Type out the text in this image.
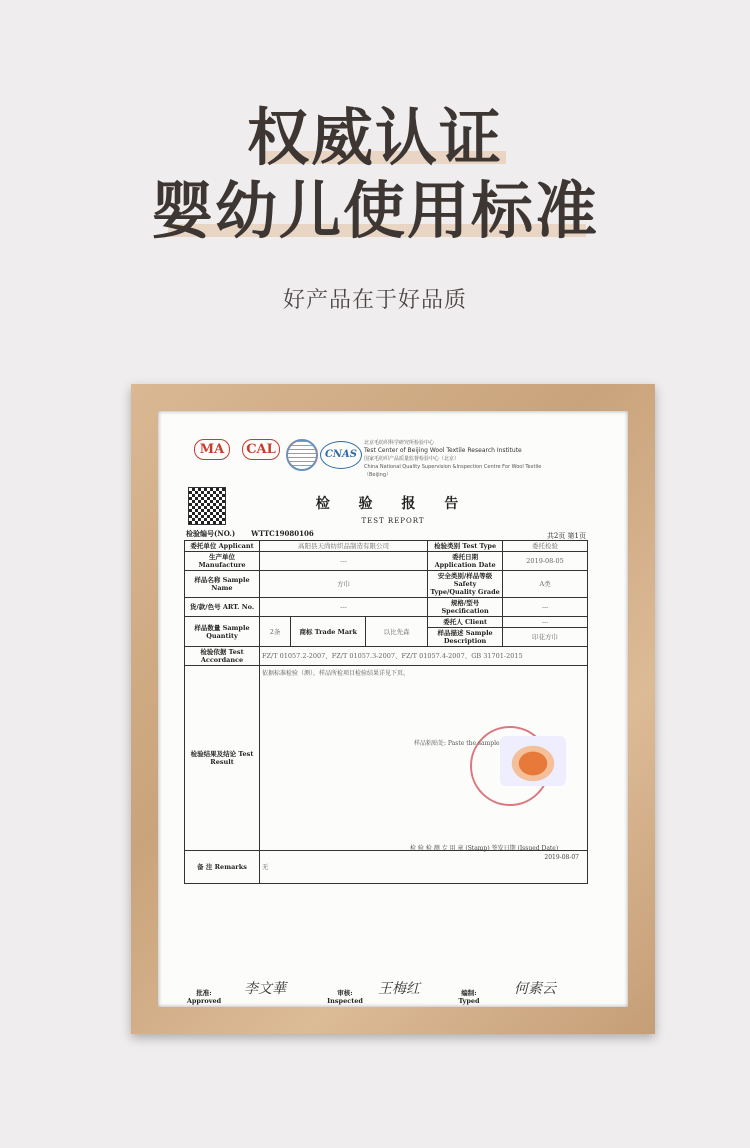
权威认证
婴幼儿使用标准
好产品在于好品质
MA	CAL	CNAS
北京毛纺织科学研究所检验中心
Test Center of Beijing Wool Textile Research Institute
国家毛纺织产品质量监督检验中心（北京）
China National Quality Supervision &Inspection Centre For Wool Textile
（Beijing）
检 验 报 告
TEST REPORT
检验编号(NO.) WTTC19080106	共2页 第1页
委托单位 Applicant	高阳县天尚纺织品制造有限公司			检验类别 Test Type	委托检验
生产单位 Manufacture	---			委托日期 Application Date	2019-08-05
样品名称 Sample Name	方巾			安全类别/样品等级 Safety Type/Quality Grade	A类
货/款/色号 ART. No.	---			规格/型号 Specification	---
样品数量 Sample Quantity	2条	商标 Trade Mark	以比先森	委托人 Client	---
				样品描述 Sample Description	印花方巾
检验依据 Test Accordance	FZ/T 01057.2-2007、FZ/T 01057.3-2007、FZ/T 01057.4-2007、GB 31701-2015				
检验结果及结论 Test Result	依据标准检验（测），样品所检项目检验结果详见下页。
样品粘贴处: Paste the sample
检 验 检 测 专 用 章 (Stamp) 签发日期 (Issued Date)
2019-08-07				

备 注 Remarks	无				
批准: Approved
李文華	审核: Inspected
王梅红	编制: Typed
何素云
